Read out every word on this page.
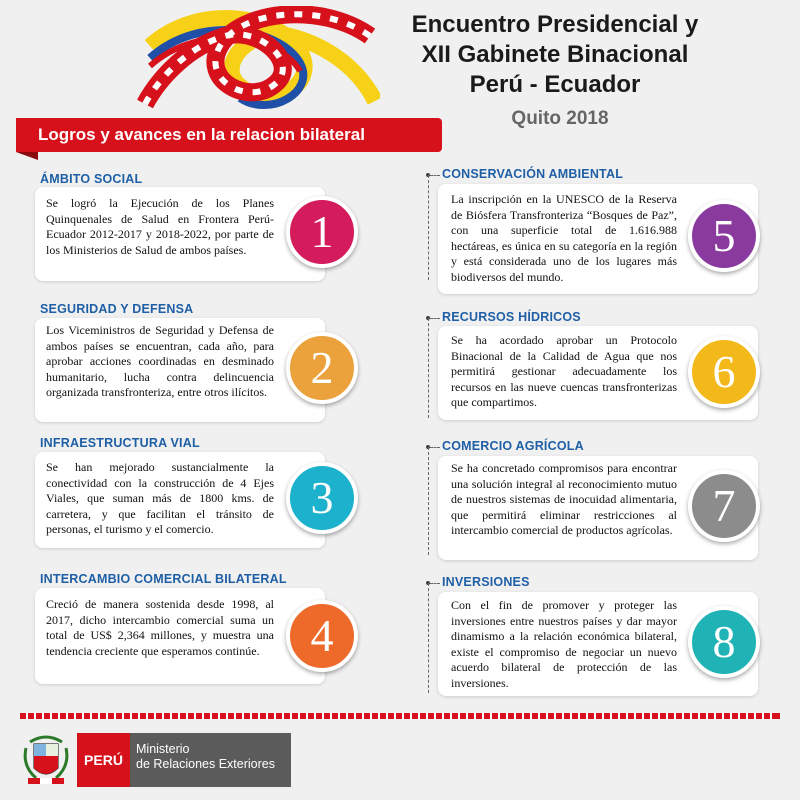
Encuentro Presidencial y
XII Gabinete Binacional
Perú - Ecuador
Quito 2018
Logros y avances en la relacion bilateral
ÁMBITO SOCIAL
Se logró la Ejecución de los Planes Quinquenales de Salud en Frontera Perú-Ecuador 2012-2017 y 2018-2022, por parte de los Ministerios de Salud de ambos países.	1
SEGURIDAD Y DEFENSA
Los Viceministros de Seguridad y Defensa de ambos países se encuentran, cada año, para aprobar acciones coordinadas en desminado humanitario, lucha contra delincuencia organizada transfronteriza, entre otros ilícitos. 2
INFRAESTRUCTURA VIAL
Se han mejorado sustancialmente la conectividad con la construcción de 4 Ejes Viales, que suman más de 1800 kms. de carretera, y que facilitan el tránsito de personas, el turismo y el comercio.
3
INTERCAMBIO COMERCIAL BILATERAL
Creció de manera sostenida desde 1998, al 2017, dicho intercambio comercial suma un total de US$ 2,364 millones, y muestra una tendencia creciente que esperamos continúe.	4
CONSERVACIÓN AMBIENTAL
La inscripción en la UNESCO de la Reserva de Biósfera Transfronteriza “Bosques de Paz”, con una superficie total de 1.616.988 hectáreas, es única en su categoría en la región y está considerada uno de los lugares más biodiversos del mundo.
5
RECURSOS HÍDRICOS
Se ha acordado aprobar un Protocolo Binacional de la Calidad de Agua que nos permitirá gestionar adecuadamente los recursos en las nueve cuencas transfronterizas que compartimos.
6
COMERCIO AGRÍCOLA
Se ha concretado compromisos para encontrar una solución integral al reconocimiento mutuo de nuestros sistemas de inocuidad alimentaria, que permitirá eliminar restricciones al intercambio comercial de productos agrícolas. 7
INVERSIONES
Con el fin de promover y proteger las inversiones entre nuestros países y dar mayor dinamismo a la relación económica bilateral, existe el compromiso de negociar un nuevo acuerdo bilateral de protección de las inversiones.
8
PERÚ
Ministerio
de Relaciones Exteriores
